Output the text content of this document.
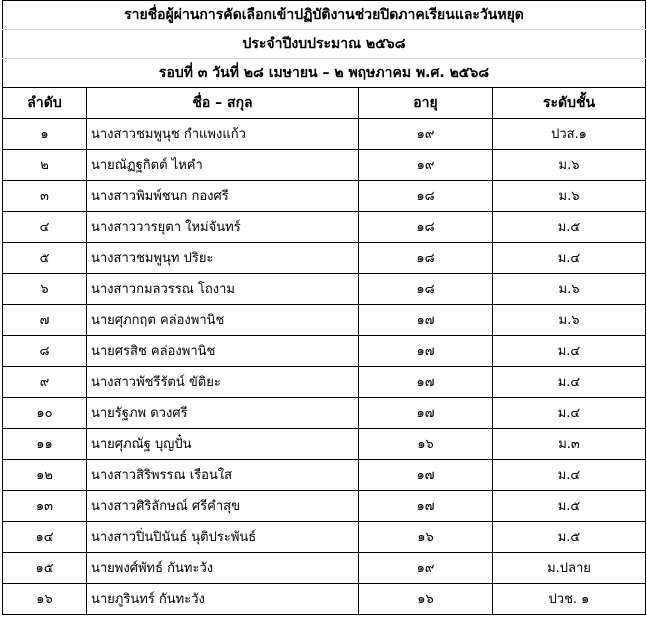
รายชื่อผู้ผ่านการคัดเลือกเข้าปฏิบัติงานช่วยปิดภาคเรียนและวันหยุด			
ประจำปีงบประมาณ ๒๕๖๘			
รอบที่ ๓ วันที่ ๒๘ เมษายน – ๒ พฤษภาคม พ.ศ. ๒๕๖๘			
ลำดับ	ชื่อ – สกุล	อายุ	ระดับชั้น
๑	นางสาวชมพูนุช กำแพงแก้ว	๑๙	ปวส.๑
๒	นายณัฏฐกิตต์ ไหคำ	๑๙	ม.๖
๓	นางสาวพิมพ์ชนก กองศรี	๑๘	ม.๖
๔	นางสาววารยุตา ใหม่จันทร์	๑๘	ม.๕
๕	นางสาวชมพูนุท ปริยะ	๑๘	ม.๔
๖	นางสาวกมลวรรณ โถงาม	๑๘	ม.๖
๗	นายศุภกฤต คล่องพานิช	๑๗	ม.๖
๘	นายศรสิช คล่องพานิช	๑๗	ม.๔
๙	นางสาวพัชรีรัตน์ ขัติยะ	๑๗	ม.๔
๑๐	นายรัฐภพ ดวงศรี	๑๗	ม.๔
๑๑	นายศุภณัฐ บุญปั๋น	๑๖	ม.๓
๑๒	นางสาวสิริพรรณ เรือนใส	๑๗	ม.๔
๑๓	นางสาวศิริลักษณ์ ศรีคำสุข	๑๗	ม.๕
๑๔	นางสาวปิ่นปินันธ์ นุติประพันธ์	๑๖	ม.๕
๑๕	นายพงศ์พัทธ์ กันทะวัง	๑๙	ม.ปลาย
๑๖	นายภูรินทร์ กันทะวัง	๑๖	ปวช. ๑
